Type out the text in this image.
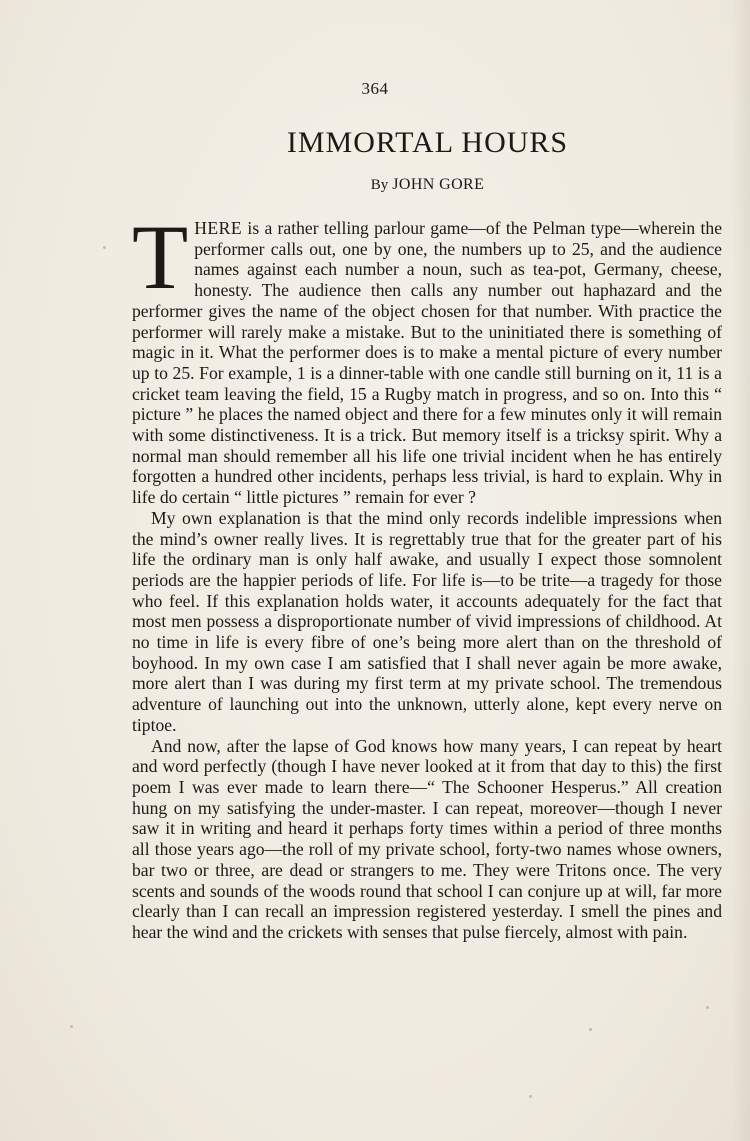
364
IMMORTAL HOURS
By JOHN GORE

THERE is a rather telling parlour game—of the Pelman type—wherein the performer calls out, one by one, the numbers up to 25, and the audience names against each number a noun, such as tea-pot, Germany, cheese, honesty. The audience then calls any number out haphazard and the performer gives the name of the object chosen for that number. With practice the performer will rarely make a mistake. But to the uninitiated there is something of magic in it. What the performer does is to make a mental picture of every number up to 25. For example, 1 is a dinner-table with one candle still burning on it, 11 is a cricket team leaving the field, 15 a Rugby match in progress, and so on. Into this “ picture ” he places the named object and there for a few minutes only it will remain with some distinctiveness. It is a trick. But memory itself is a tricksy spirit. Why a normal man should remember all his life one trivial incident when he has entirely forgotten a hundred other incidents, perhaps less trivial, is hard to explain. Why in life do certain “ little pictures ” remain for ever ?

My own explanation is that the mind only records indelible impressions when the mind’s owner really lives. It is regrettably true that for the greater part of his life the ordinary man is only half awake, and usually I expect those somnolent periods are the happier periods of life. For life is—to be trite—a tragedy for those who feel. If this explanation holds water, it accounts adequately for the fact that most men possess a disproportionate number of vivid impressions of childhood. At no time in life is every fibre of one’s being more alert than on the threshold of boyhood. In my own case I am satisfied that I shall never again be more awake, more alert than I was during my first term at my private school. The tremendous adventure of launching out into the unknown, utterly alone, kept every nerve on tiptoe.

And now, after the lapse of God knows how many years, I can repeat by heart and word perfectly (though I have never looked at it from that day to this) the first poem I was ever made to learn there—“ The Schooner Hesperus.” All creation hung on my satisfying the under-master. I can repeat, moreover—though I never saw it in writing and heard it perhaps forty times within a period of three months all those years ago—the roll of my private school, forty-two names whose owners, bar two or three, are dead or strangers to me. They were Tritons once. The very scents and sounds of the woods round that school I can conjure up at will, far more clearly than I can recall an impression registered yesterday. I smell the pines and hear the wind and the crickets with senses that pulse fiercely, almost with pain.
